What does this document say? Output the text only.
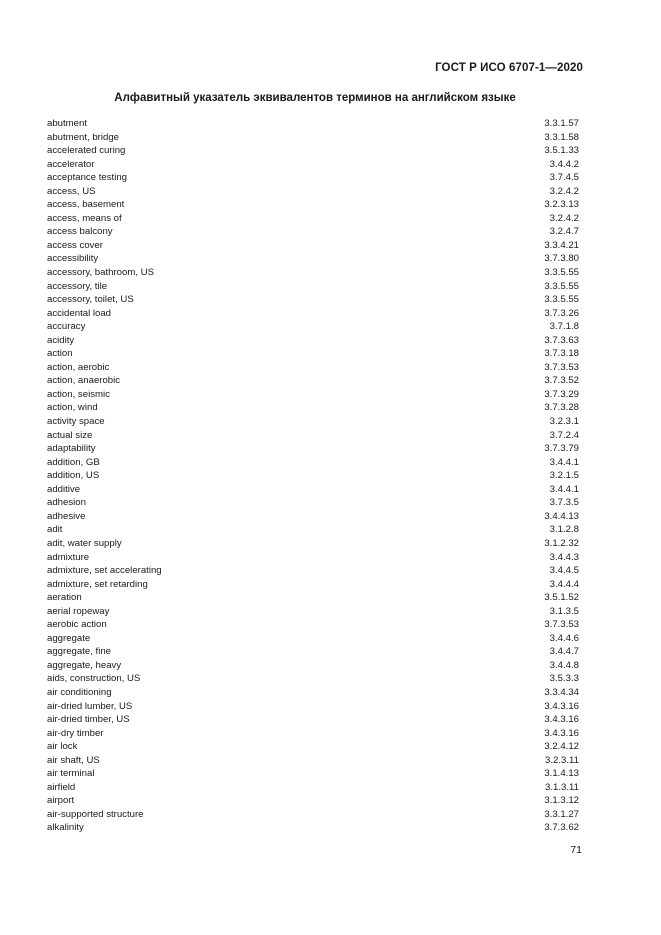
ГОСТ Р ИСО 6707-1—2020
Алфавитный указатель эквивалентов терминов на английском языке
abutment	3.3.1.57
abutment, bridge	3.3.1.58
accelerated curing	3.5.1.33
accelerator	3.4.4.2
acceptance testing	3.7.4.5
access, US	3.2.4.2
access, basement	3.2.3.13
access, means of	3.2.4.2
access balcony	3.2.4.7
access cover	3.3.4.21
accessibility	3.7.3.80
accessory, bathroom, US	3.3.5.55
accessory, tile	3.3.5.55
accessory, toilet, US	3.3.5.55
accidental load	3.7.3.26
accuracy	3.7.1.8
acidity	3.7.3.63
action	3.7.3.18
action, aerobic	3.7.3.53
action, anaerobic	3.7.3.52
action, seismic	3.7.3.29
action, wind	3.7.3.28
activity space	3.2.3.1
actual size	3.7.2.4
adaptability	3.7.3.79
addition, GB	3.4.4.1
addition, US	3.2.1.5
additive	3.4.4.1
adhesion	3.7.3.5
adhesive	3.4.4.13
adit	3.1.2.8
adit, water supply	3.1.2.32
admixture	3.4.4.3
admixture, set accelerating	3.4.4.5
admixture, set retarding	3.4.4.4
aeration	3.5.1.52
aerial ropeway	3.1.3.5
aerobic action	3.7.3.53
aggregate	3.4.4.6
aggregate, fine	3.4.4.7
aggregate, heavy	3.4.4.8
aids, construction, US	3.5.3.3
air conditioning	3.3.4.34
air-dried lumber, US	3.4.3.16
air-dried timber, US	3.4.3.16
air-dry timber	3.4.3.16
air lock	3.2.4.12
air shaft, US	3.2.3.11
air terminal	3.1.4.13
airfield	3.1.3.11
airport	3.1.3.12
air-supported structure	3.3.1.27
alkalinity	3.7.3.62
71
